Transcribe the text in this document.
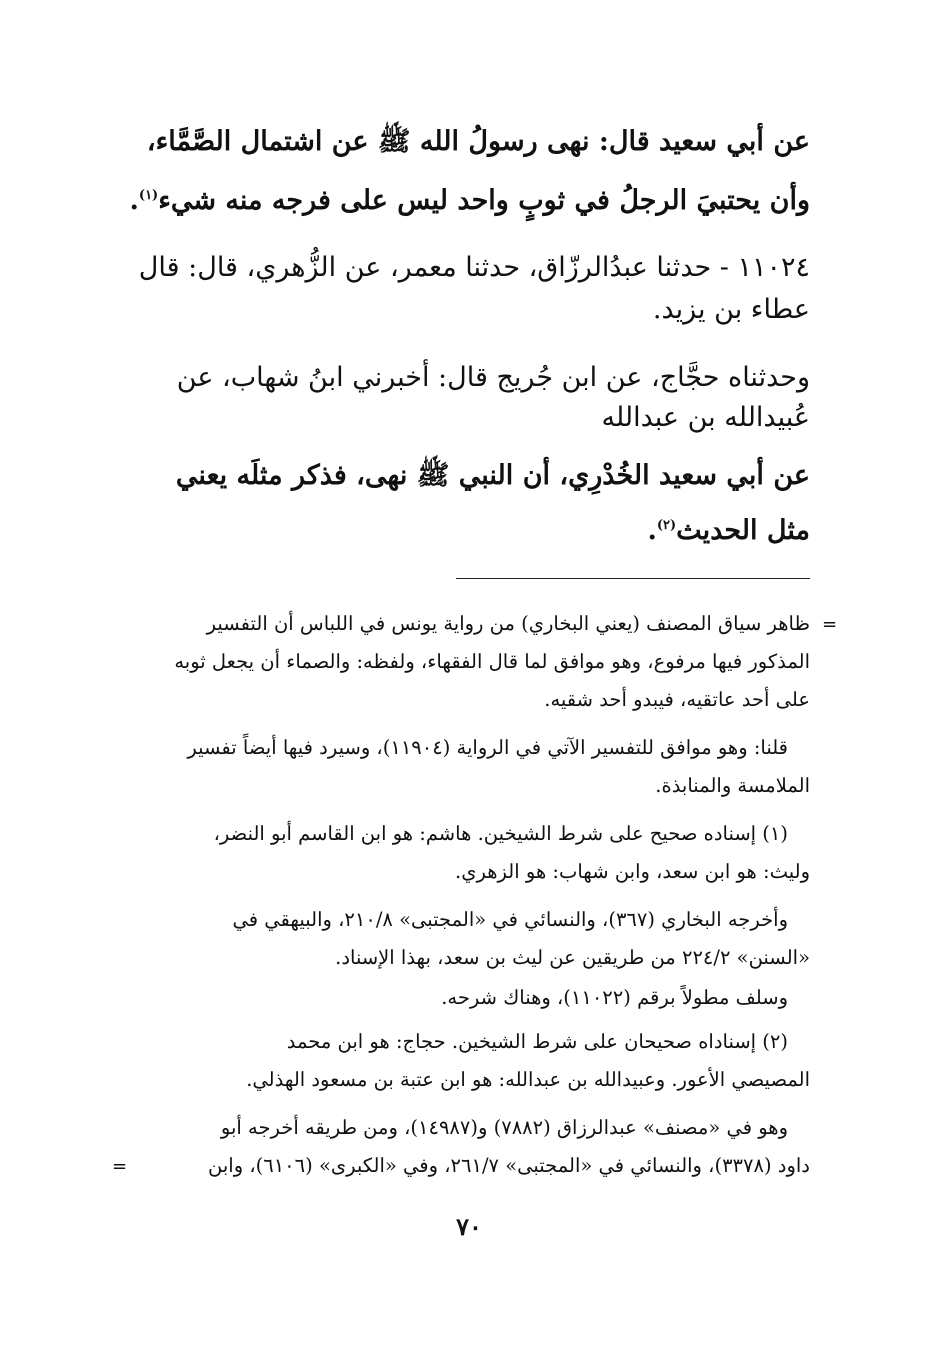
عن أبي سعيد قال: نهى رسولُ الله ﷺ عن اشتمال الصَّمَّاء،
وأن يحتبيَ الرجلُ في ثوبٍ واحد ليس على فرجه منه شيء$^{(١)}$.
١١٠٢٤ - حدثنا عبدُالرزّاق، حدثنا معمر، عن الزُّهري، قال: قال
عطاء بن يزيد.
وحدثناه حجَّاج، عن ابن جُريج قال: أخبرني ابنُ شهاب، عن
عُبيدالله بن عبدالله
عن أبي سعيد الخُدْرِي، أن النبي ﷺ نهى، فذكر مثلَه يعني
مثل الحديث$^{(٢)}$.
=
ظاهر سياق المصنف (يعني البخاري) من رواية يونس في اللباس أن التفسير
المذكور فيها مرفوع، وهو موافق لما قال الفقهاء، ولفظه: والصماء أن يجعل ثوبه
على أحد عاتقيه، فيبدو أحد شقيه.
قلنا: وهو موافق للتفسير الآتي في الرواية (١١٩٠٤)، وسيرد فيها أيضاً تفسير
الملامسة والمنابذة.
(١) إسناده صحيح على شرط الشيخين. هاشم: هو ابن القاسم أبو النضر،
وليث: هو ابن سعد، وابن شهاب: هو الزهري.
وأخرجه البخاري (٣٦٧)، والنسائي في «المجتبى» ٨/‏٢١٠، والبيهقي في
«السنن» ٢/‏٢٢٤ من طريقين عن ليث بن سعد، بهذا الإسناد.
وسلف مطولاً برقم (١١٠٢٢)، وهناك شرحه.
(٢) إسناداه صحيحان على شرط الشيخين. حجاج: هو ابن محمد
المصيصي الأعور. وعبيدالله بن عبدالله: هو ابن عتبة بن مسعود الهذلي.
وهو في «مصنف» عبدالرزاق (٧٨٨٢) و(١٤٩٨٧)، ومن طريقه أخرجه أبو
داود (٣٣٧٨)، والنسائي في «المجتبى» ٧/‏٢٦١، وفي «الكبرى» (٦١٠٦)، وابن
=
٧٠
